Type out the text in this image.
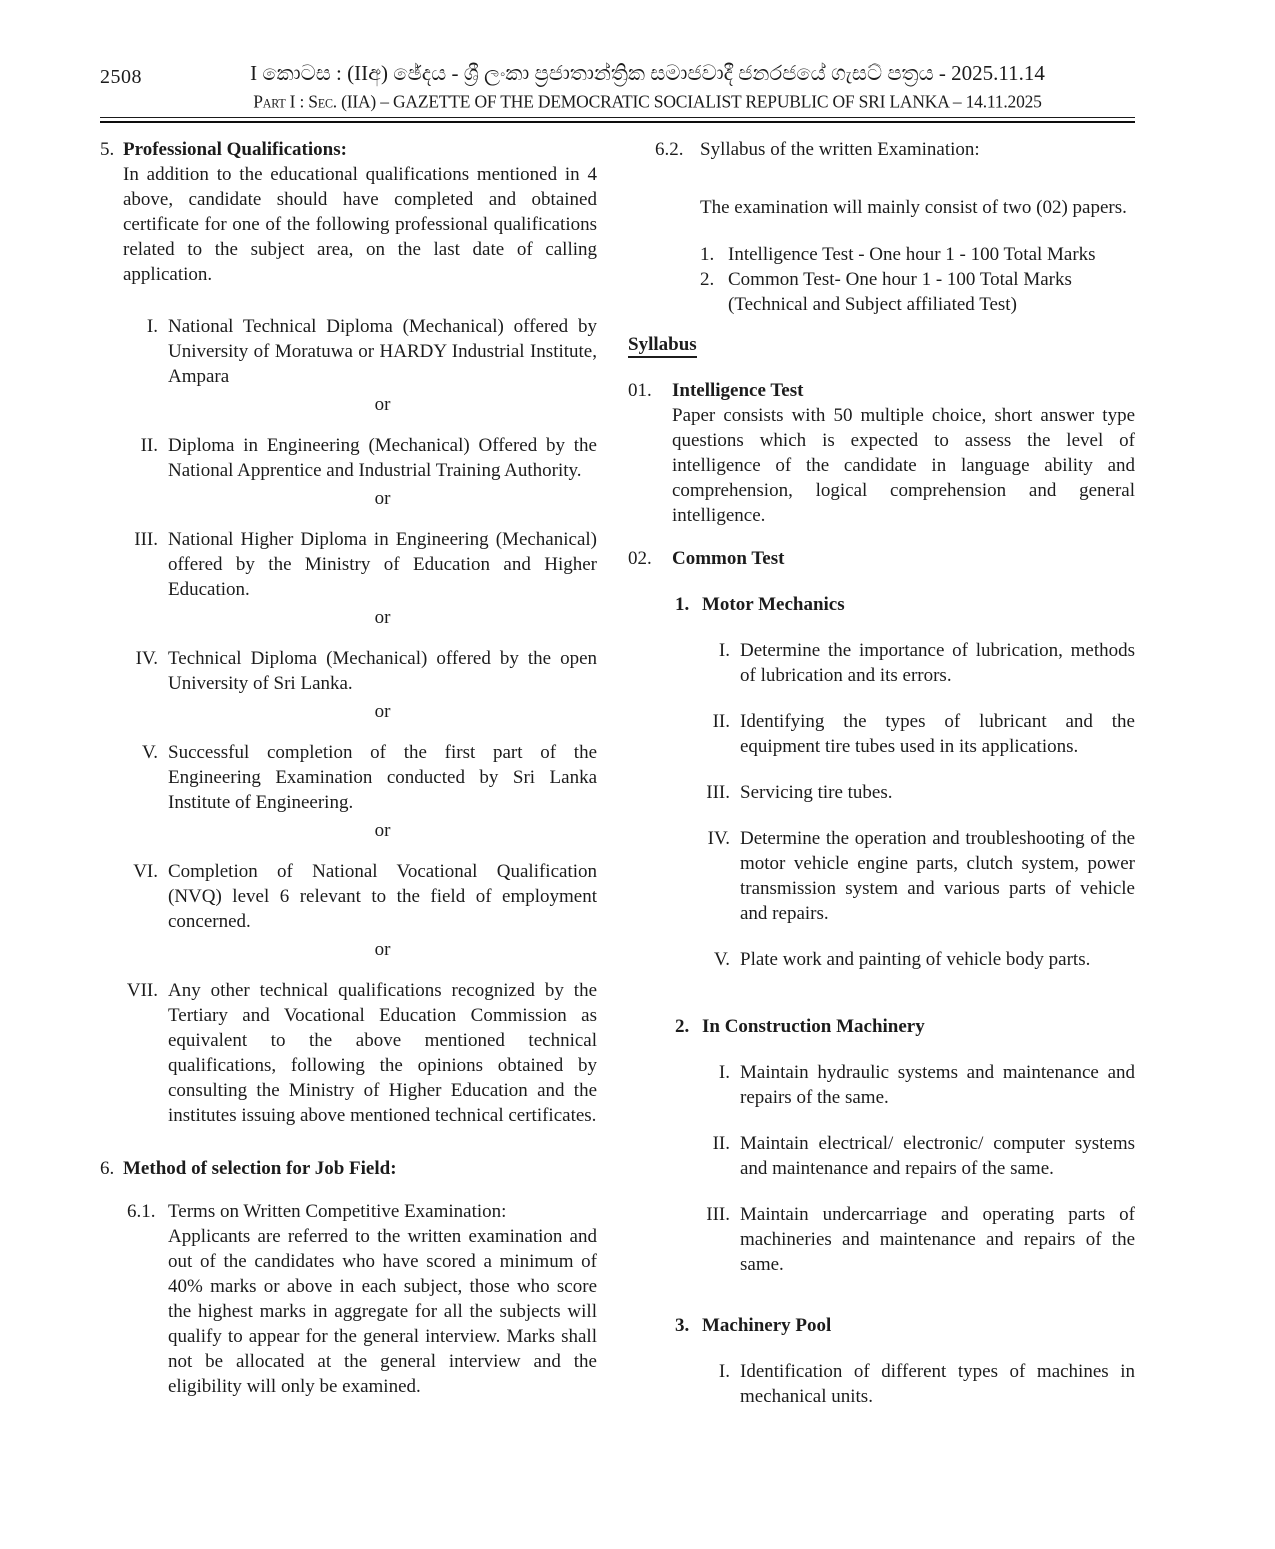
2508	I කොටස : (IIඅ) ඡේදය - ශ්‍රී ලංකා ප්‍රජාතාන්ත්‍රික සමාජවාදී ජනරජයේ ගැසට් පත්‍රය - 2025.11.14
Part I : Sec. (IIA) – GAZETTE OF THE DEMOCRATIC SOCIALIST REPUBLIC OF SRI LANKA – 14.11.2025
5. Professional Qualifications:

In addition to the educational qualifications mentioned in 4 above, candidate should have completed and obtained certificate for one of the following professional qualifications related to the subject area, on the last date of calling application.

I. National Technical Diploma (Mechanical) offered by University of Moratuwa or HARDY Industrial Institute, Ampara
or
II. Diploma in Engineering (Mechanical) Offered by the National Apprentice and Industrial Training Authority.
or
III. National Higher Diploma in Engineering (Mechanical) offered by the Ministry of Education and Higher Education.
or
IV. Technical Diploma (Mechanical) offered by the open University of Sri Lanka.
or
V. Successful completion of the first part of the Engineering Examination conducted by Sri Lanka Institute of Engineering.
or
VI. Completion of National Vocational Qualification (NVQ) level 6 relevant to the field of employment concerned.
or
VII. Any other technical qualifications recognized by the Tertiary and Vocational Education Commission as equivalent to the above mentioned technical qualifications, following the opinions obtained by consulting the Ministry of Higher Education and the institutes issuing above mentioned technical certificates.
6. Method of selection for Job Field:
6.1. Terms on Written Competitive Examination:
Applicants are referred to the written examination and out of the candidates who have scored a minimum of 40% marks or above in each subject, those who score the highest marks in aggregate for all the subjects will qualify to appear for the general interview. Marks shall not be allocated at the general interview and the eligibility will only be examined.
6.2. Syllabus of the written Examination:

The examination will mainly consist of two (02) papers.

1. Intelligence Test - One hour 1 - 100 Total Marks
2. Common Test- One hour 1 - 100 Total Marks
(Technical and Subject affiliated Test)
Syllabus
01.	Intelligence Test
Paper consists with 50 multiple choice, short answer type questions which is expected to assess the level of intelligence of the candidate in language ability and comprehension, logical comprehension and general intelligence.
02.	Common Test
1. Motor Mechanics
I. Determine the importance of lubrication, methods of lubrication and its errors.
II. Identifying the types of lubricant and the equipment tire tubes used in its applications.
III. Servicing tire tubes.
IV. Determine the operation and troubleshooting of the motor vehicle engine parts, clutch system, power transmission system and various parts of vehicle and repairs.
V. Plate work and painting of vehicle body parts.
2. In Construction Machinery
I. Maintain hydraulic systems and maintenance and repairs of the same.
II. Maintain electrical/ electronic/ computer systems and maintenance and repairs of the same.
III. Maintain undercarriage and operating parts of machineries and maintenance and repairs of the same.
3. Machinery Pool
I. Identification of different types of machines in mechanical units.
